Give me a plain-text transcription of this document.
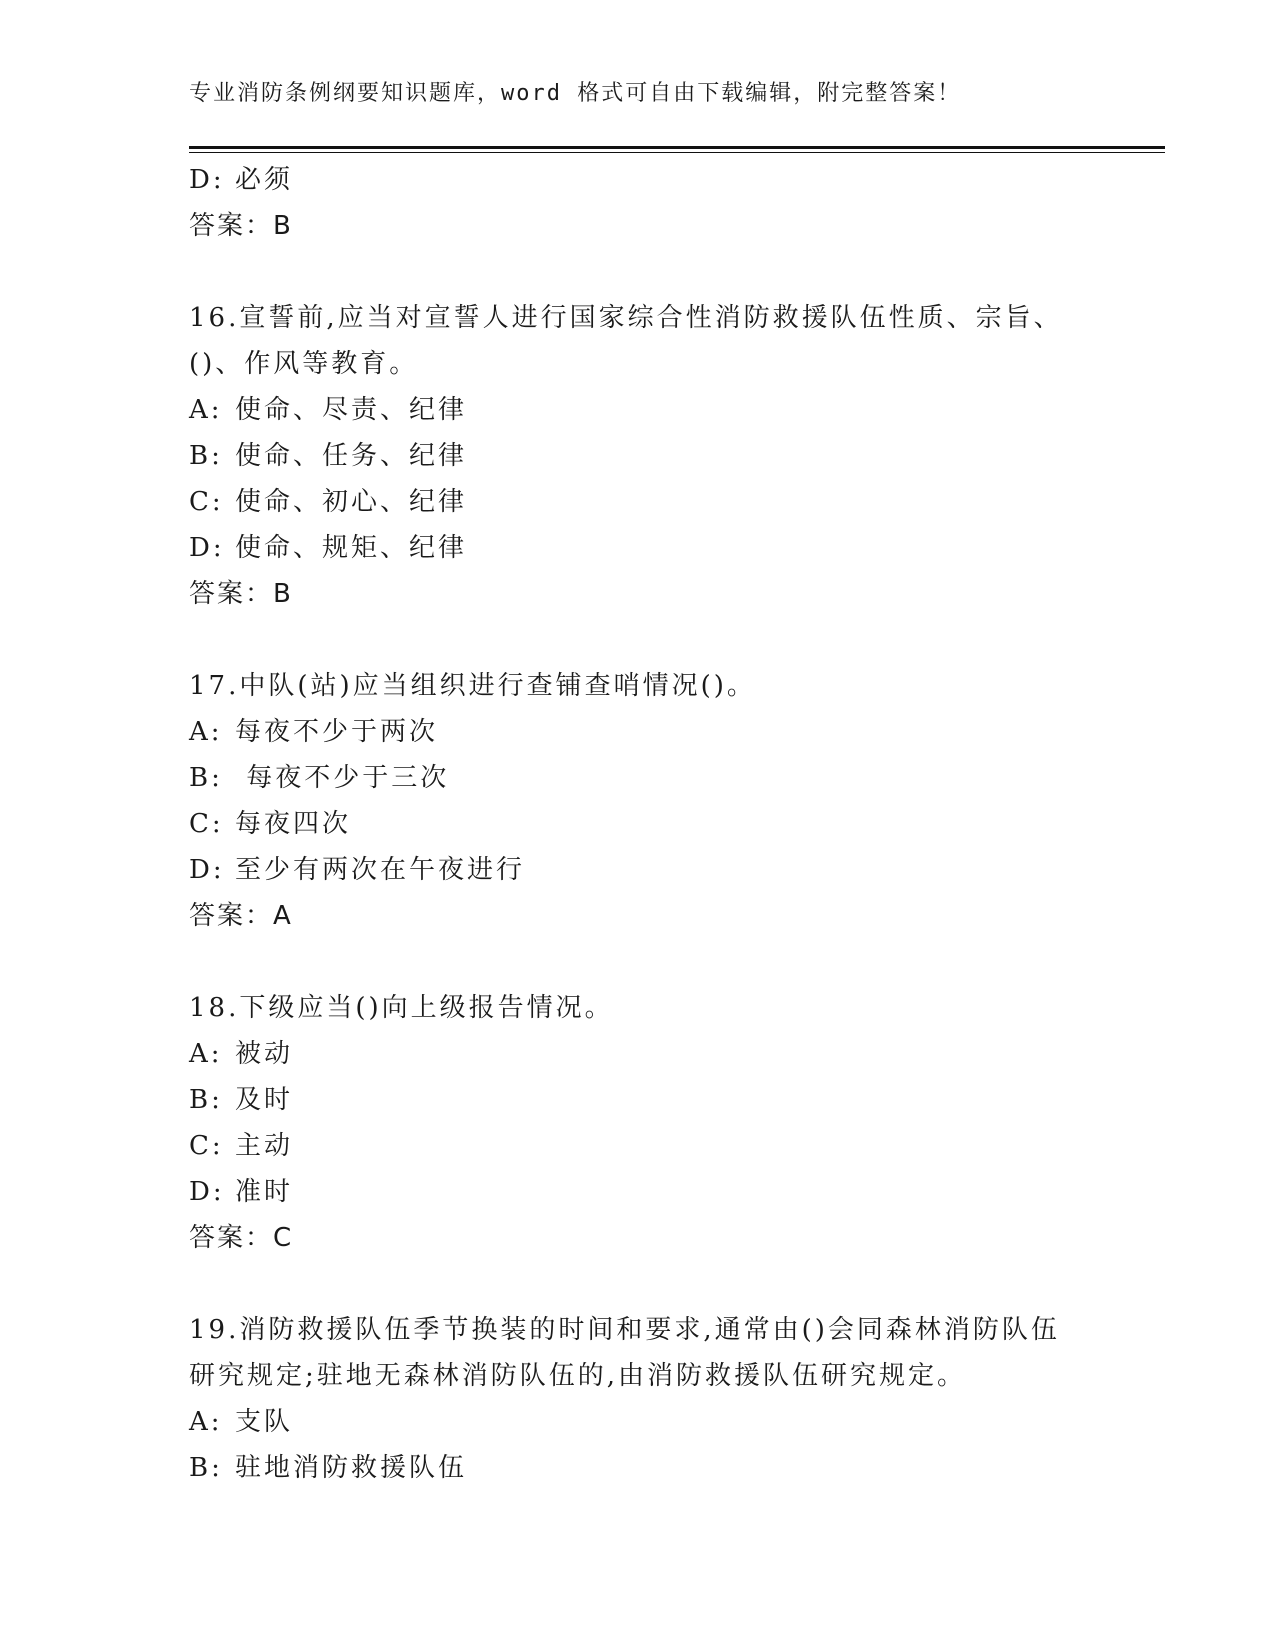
专业消防条例纲要知识题库，word 格式可自由下载编辑，附完整答案！
D: 必须
答案：B
16.宣誓前,应当对宣誓人进行国家综合性消防救援队伍性质、宗旨、
()、作风等教育。
A: 使命、尽责、纪律
B: 使命、任务、纪律
C: 使命、初心、纪律
D: 使命、规矩、纪律
答案：B
17.中队(站)应当组织进行查铺查哨情况()。
A: 每夜不少于两次
B: 每夜不少于三次
C: 每夜四次
D: 至少有两次在午夜进行
答案：A
18.下级应当()向上级报告情况。
A: 被动
B: 及时
C: 主动
D: 准时
答案：C
19.消防救援队伍季节换装的时间和要求,通常由()会同森林消防队伍
研究规定;驻地无森林消防队伍的,由消防救援队伍研究规定。
A: 支队
B: 驻地消防救援队伍
